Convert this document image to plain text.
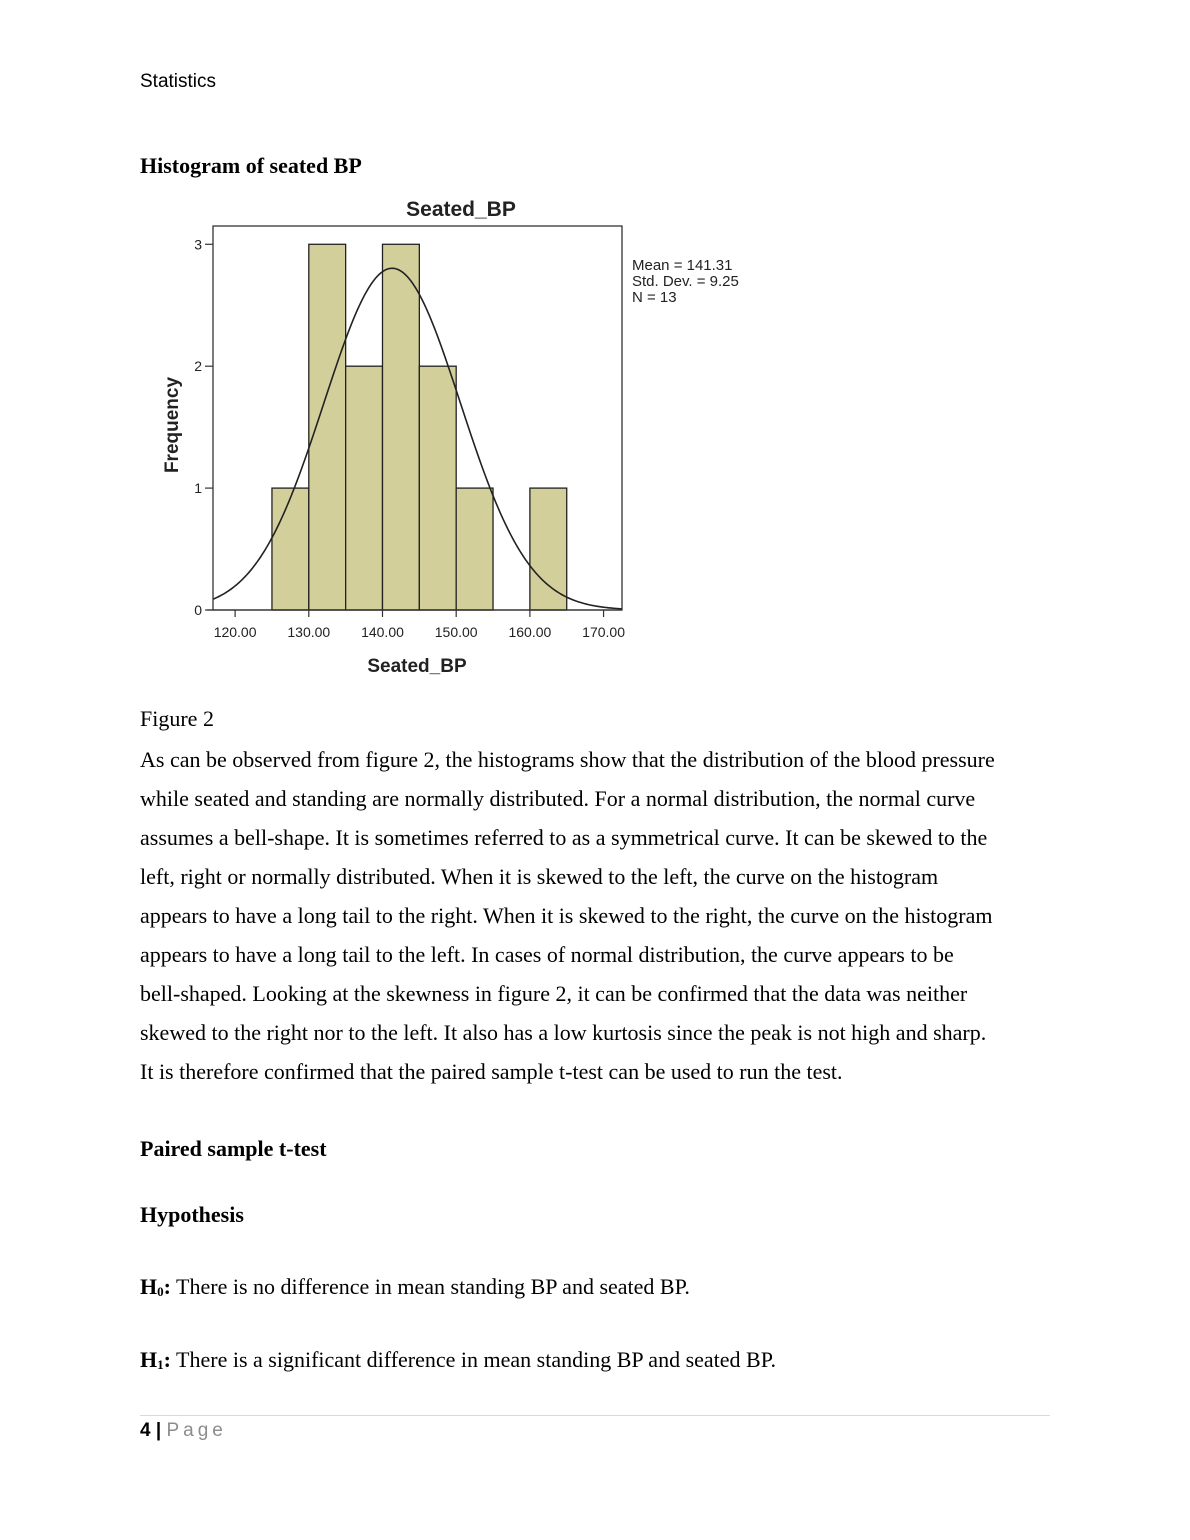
Statistics
Histogram of seated BP
Seated_BP
120.00 130.00 140.00 150.00 160.00 170.00
0
1
2
3
Frequency
Seated_BP
Mean = 141.31
Std. Dev. = 9.25
N = 13
Figure 2
As can be observed from figure 2, the histograms show that the distribution of the blood pressure
while seated and standing are normally distributed. For a normal distribution, the normal curve
assumes a bell-shape. It is sometimes referred to as a symmetrical curve. It can be skewed to the
left, right or normally distributed. When it is skewed to the left, the curve on the histogram
appears to have a long tail to the right. When it is skewed to the right, the curve on the histogram
appears to have a long tail to the left. In cases of normal distribution, the curve appears to be
bell-shaped. Looking at the skewness in figure 2, it can be confirmed that the data was neither
skewed to the right nor to the left. It also has a low kurtosis since the peak is not high and sharp.
It is therefore confirmed that the paired sample t-test can be used to run the test.
Paired sample t-test
Hypothesis
$H_0$: There is no difference in mean standing BP and seated BP.
$H_1$: There is a significant difference in mean standing BP and seated BP.
4 | Page
